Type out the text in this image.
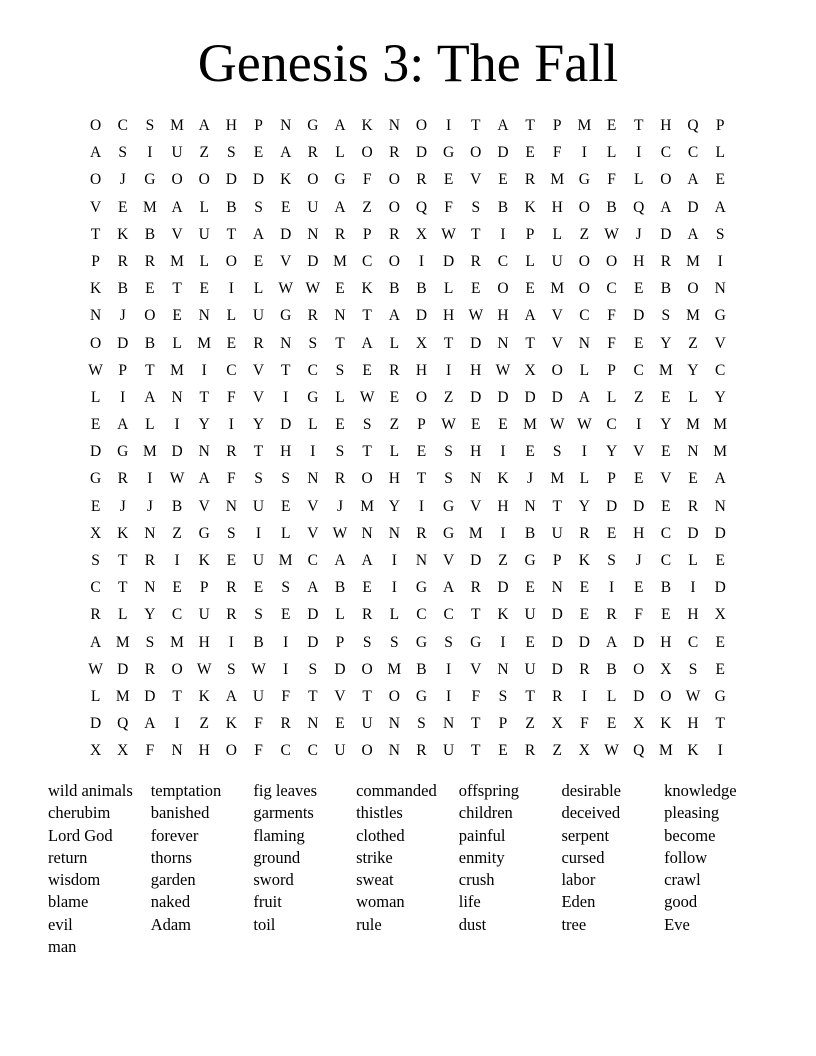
Genesis 3: The Fall
O	C	S	M A	H	P	N	G	A	K	N	O	I	T	A	T	P	M	E	T	H	Q	P
A	S	I	U	Z	S	E	A	R	L	O	R	D	G	O	D	E	F	I	L	I	C	C	L
O	J	G	O	O	D	D	K	O	G	F	O	R	E	V	E	R M G	F	L	O	A	E
V	E	M A	L	B	S	E	U	A	Z	O	Q	F	S	B	K	H	O	B	Q	A	D	A
T	K	B	V	U	T	A	D	N	R	P	R	X W T	I	P	L	Z W	J	D	A	S
P	R	R M	L	O	E	V	D M C	O	I	D	R	C	L	U	O	O	H	R M	I
K	B	E	T	E	I	L W W E	K	B	B	L	E	O	E	M O	C	E	B	O	N
N	J	O	E	N	L	U	G	R	N	T	A	D	H W H	A	V	C	F	D	S	M G
O	D	B	L	M	E	R	N	S	T	A	L	X	T	D	N	T	V	N	F	E	Y	Z	V
W	P	T	M	I	C	V	T	C	S	E	R	H	I	H W X	O	L	P	C M Y	C
L	I	A	N	T	F	V	I	G	L W E	O	Z	D	D	D	D	A	L	Z	E	L	Y
E	A	L	I	Y	I	Y	D	L	E	S	Z	P	W E	E	M W W C	I	Y M M
D	G M D	N	R	T	H	I	S	T	L	E	S	H	I	E	S	I	Y	V	E	N M
G	R	I	W A	F	S	S	N	R	O	H	T	S	N	K	J	M	L	P	E	V	E	A
E	J	J	B	V	N	U	E	V	J	M Y	I	G	V	H	N	T	Y	D	D	E	R	N
X	K	N	Z	G	S	I	L	V W N	N	R	G M	I	B	U	R	E	H	C	D	D
S	T	R	I	K	E	U M C	A	A	I	N	V	D	Z	G	P	K	S	J	C	L	E
C	T	N	E	P	R	E	S	A	B	E	I	G	A	R	D	E	N	E	I	E	B	I	D
R	L	Y	C	U	R	S	E	D	L	R	L	C	C	T	K	U	D	E	R	F	E	H	X
A M	S	M H	I	B	I	D	P	S	S	G	S	G	I	E	D	D	A	D	H	C	E
W D	R	O W	S	W	I	S	D	O M B	I	V	N	U	D	R	B	O	X	S	E
L	M D	T	K	A	U	F	T	V	T	O	G	I	F	S	T	R	I	L	D	O W G
D	Q	A	I	Z	K	F	R	N	E	U	N	S	N	T	P	Z	X	F	E	X	K	H	T
X	X	F	N	H	O	F	C	C	U	O	N	R	U	T	E	R	Z	X W Q M K	I
wild animals	temptation	fig leaves	commanded	offspring	desirable	knowledge
cherubim	banished	garments	thistles	children	deceived	pleasing
Lord God	forever	flaming	clothed	painful	serpent	become
return	thorns	ground	strike	enmity	cursed	follow
wisdom	garden	sword	sweat	crush	labor	crawl
blame	naked	fruit	woman	life	Eden	good
evil	Adam	toil	rule	dust	tree	Eve
man
